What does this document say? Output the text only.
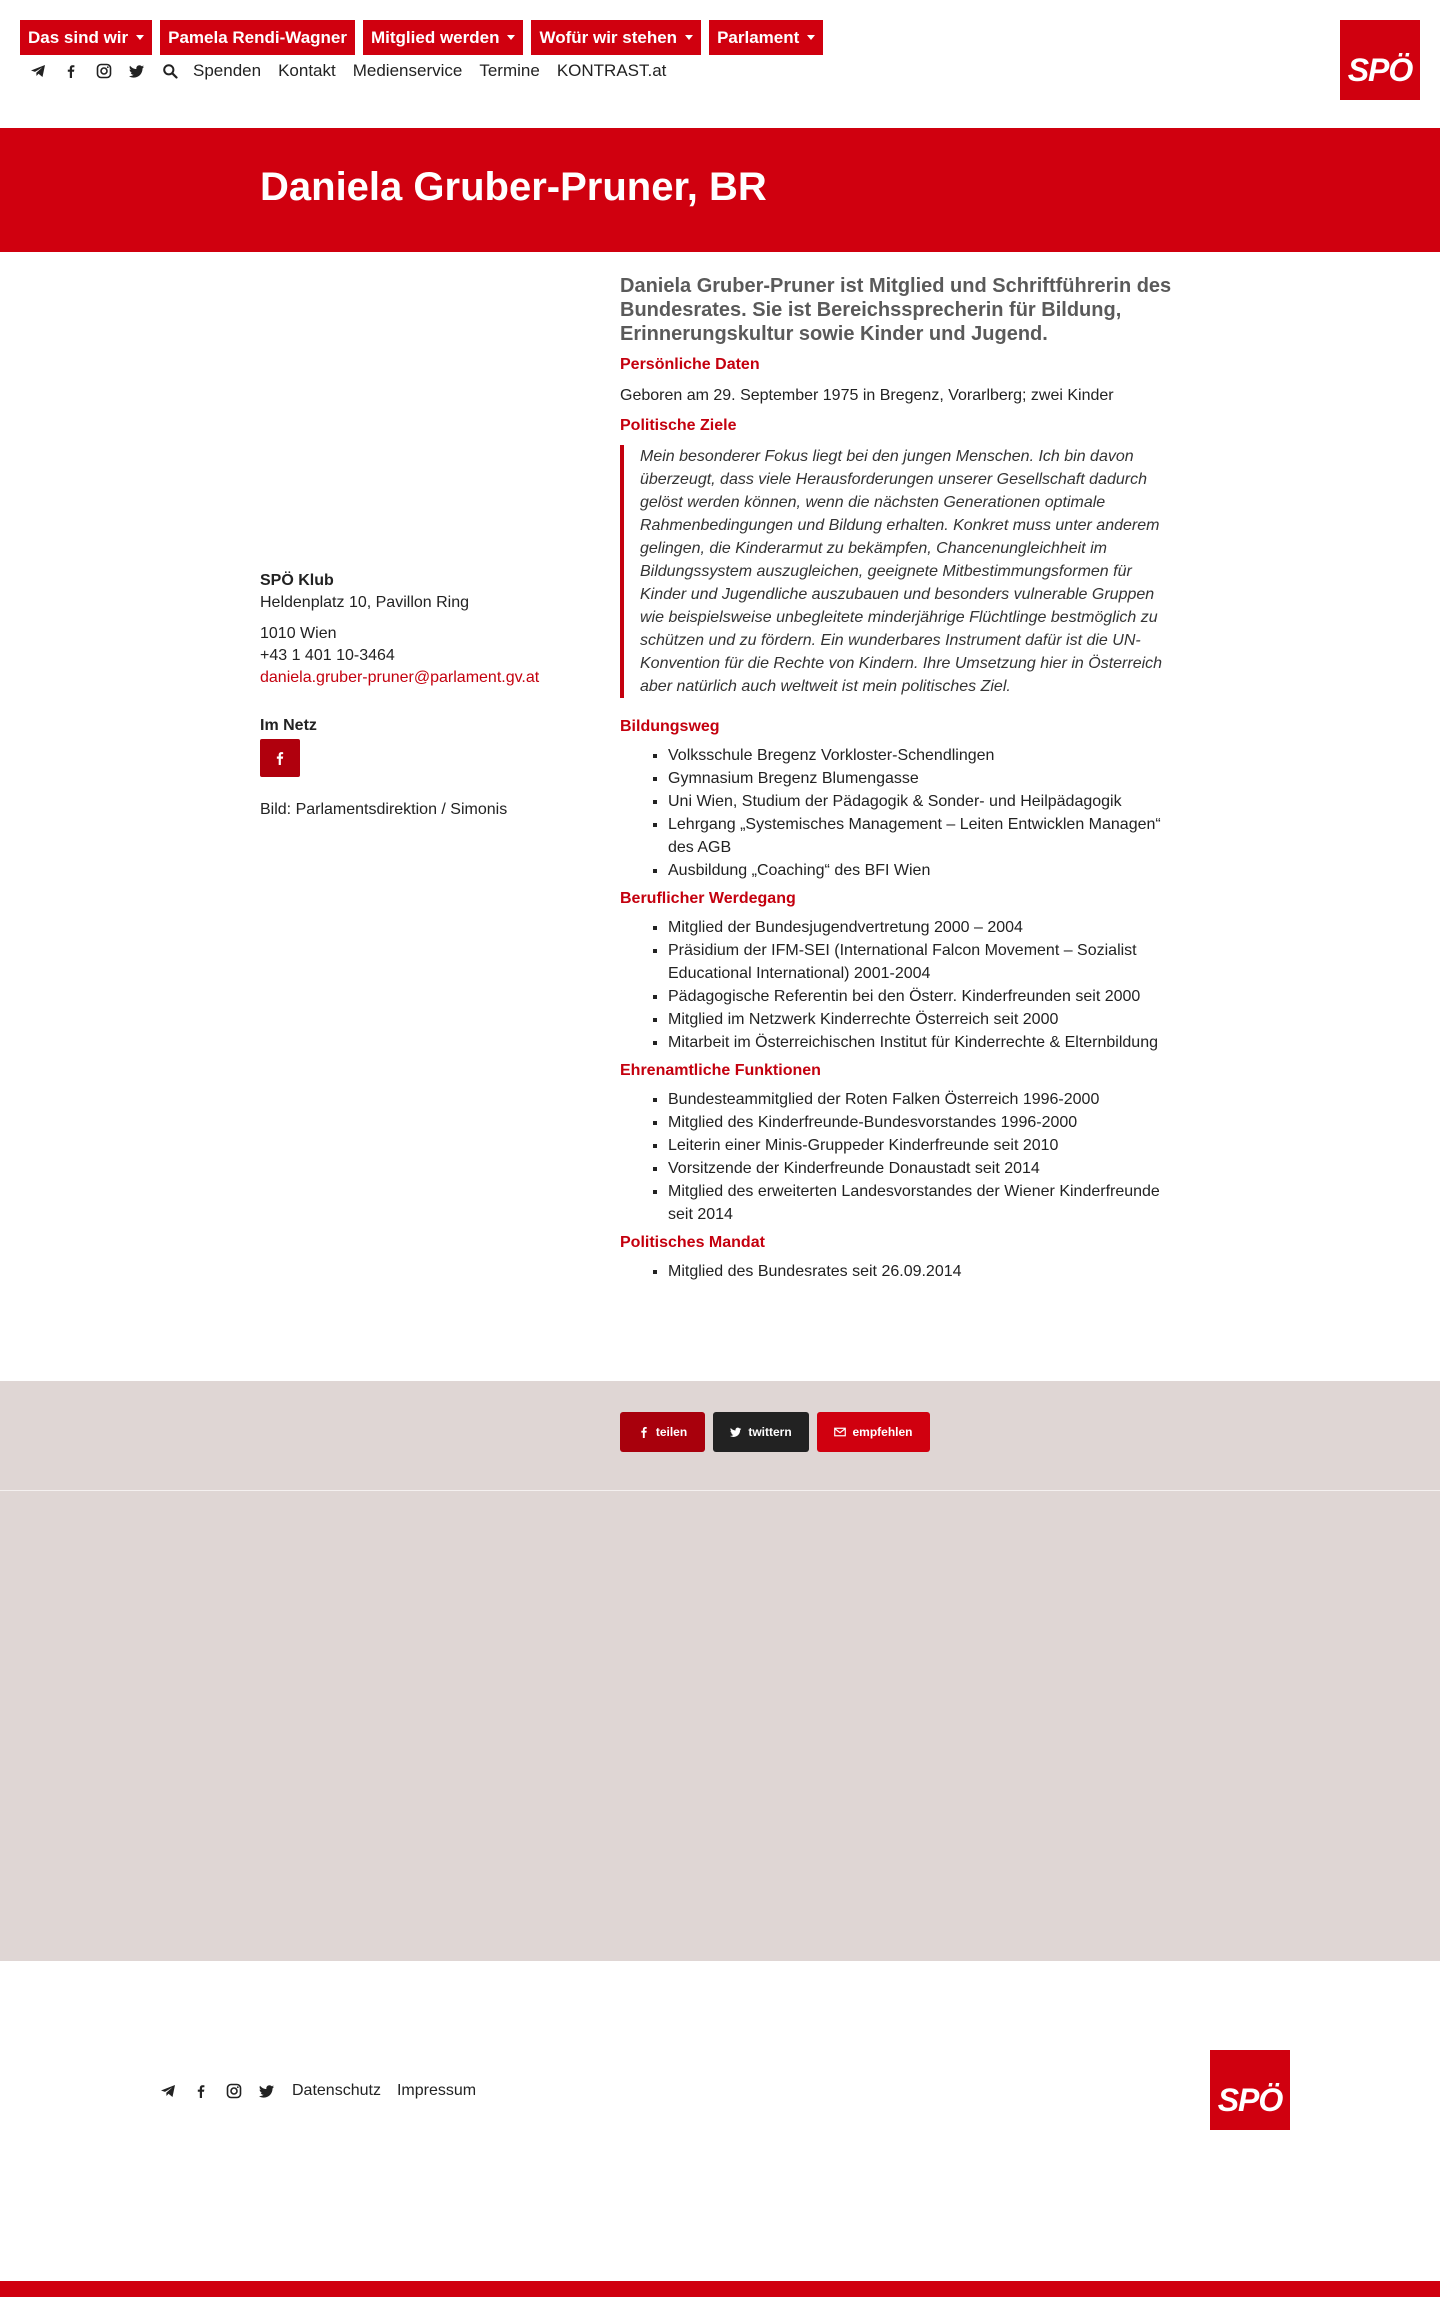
Das sind wir Pamela Rendi-Wagner Mitglied werden Wofür wir stehen Parlament
Spenden Kontakt Medienservice Termine KONTRAST.at	SPÖ
Daniela Gruber-Pruner, BR
SPÖ Klub
Heldenplatz 10, Pavillon Ring
1010 Wien
+43 1 401 10-3464
daniela.gruber-pruner@parlament.gv.at
Im Netz
Bild: Parlamentsdirektion / Simonis

Daniela Gruber-Pruner ist Mitglied und Schriftführerin des Bundesrates. Sie ist Bereichssprecherin für Bildung, Erinnerungskultur sowie Kinder und Jugend.

Persönliche Daten

Geboren am 29. September 1975 in Bregenz, Vorarlberg; zwei Kinder

Politische Ziele
Mein besonderer Fokus liegt bei den jungen Menschen. Ich bin davon überzeugt, dass viele Herausforderungen unserer Gesellschaft dadurch gelöst werden können, wenn die nächsten Generationen optimale Rahmenbedingungen und Bildung erhalten. Konkret muss unter anderem gelingen, die Kinderarmut zu bekämpfen, Chancenungleichheit im Bildungssystem auszugleichen, geeignete Mitbestimmungsformen für Kinder und Jugendliche auszubauen und besonders vulnerable Gruppen wie beispielsweise unbegleitete minderjährige Flüchtlinge bestmöglich zu schützen und zu fördern. Ein wunderbares Instrument dafür ist die UN-Konvention für die Rechte von Kindern. Ihre Umsetzung hier in Österreich aber natürlich auch weltweit ist mein politisches Ziel.
Bildungsweg
▪ Volksschule Bregenz Vorkloster-Schendlingen
▪ Gymnasium Bregenz Blumengasse
▪ Uni Wien, Studium der Pädagogik & Sonder- und Heilpädagogik
▪ Lehrgang „Systemisches Management – Leiten Entwicklen Managen“ des AGB
▪ Ausbildung „Coaching“ des BFI Wien
Beruflicher Werdegang
▪ Mitglied der Bundesjugendvertretung 2000 – 2004
▪ Präsidium der IFM-SEI (International Falcon Movement – Sozialist Educational International) 2001-2004
▪ Pädagogische Referentin bei den Österr. Kinderfreunden seit 2000
▪ Mitglied im Netzwerk Kinderrechte Österreich seit 2000
▪ Mitarbeit im Österreichischen Institut für Kinderrechte & Elternbildung
Ehrenamtliche Funktionen
▪ Bundesteammitglied der Roten Falken Österreich 1996-2000
▪ Mitglied des Kinderfreunde-Bundesvorstandes 1996-2000
▪ Leiterin einer Minis-Gruppeder Kinderfreunde seit 2010
▪ Vorsitzende der Kinderfreunde Donaustadt seit 2014
▪ Mitglied des erweiterten Landesvorstandes der Wiener Kinderfreunde seit 2014
Politisches Mandat
▪ Mitglied des Bundesrates seit 26.09.2014
teilen	twittern	empfehlen
Datenschutz Impressum	SPÖ
